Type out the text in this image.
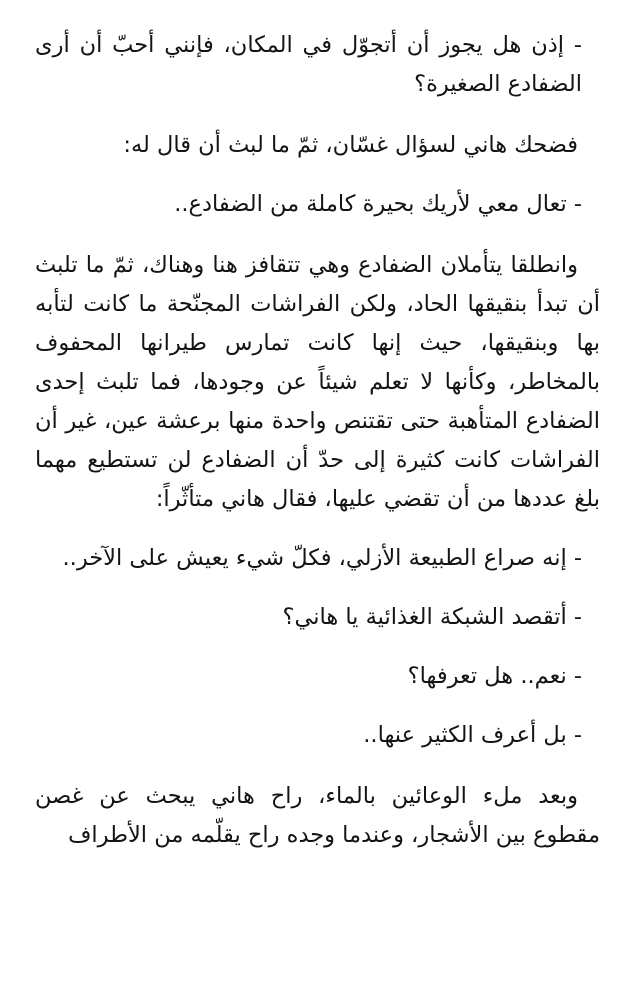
- إذن هل يجوز أن أتجوّل في المكان، فإنني أحبّ أن أرى الضفادع الصغيرة؟

فضحك هاني لسؤال غسّان، ثمّ ما لبث أن قال له:

- تعال معي لأريك بحيرة كاملة من الضفادع..

وانطلقا يتأملان الضفادع وهي تتقافز هنا وهناك، ثمّ ما تلبث أن تبدأ بنقيقها الحاد، ولكن الفراشات المجنّحة ما كانت لتأبه بها وبنقيقها، حيث إنها كانت تمارس طيرانها المحفوف بالمخاطر، وكأنها لا تعلم شيئاً عن وجودها، فما تلبث إحدى الضفادع المتأهبة حتى تقتنص واحدة منها برعشة عين، غير أن الفراشات كانت كثيرة إلى حدّ أن الضفادع لن تستطيع مهما بلغ عددها من أن تقضي عليها، فقال هاني متأثّراً:

- إنه صراع الطبيعة الأزلي، فكلّ شيء يعيش على الآخر..

- أتقصد الشبكة الغذائية يا هاني؟

- نعم.. هل تعرفها؟

- بل أعرف الكثير عنها..

وبعد ملء الوعائين بالماء، راح هاني يبحث عن غصن مقطوع بين الأشجار، وعندما وجده راح يقلّمه من الأطراف
